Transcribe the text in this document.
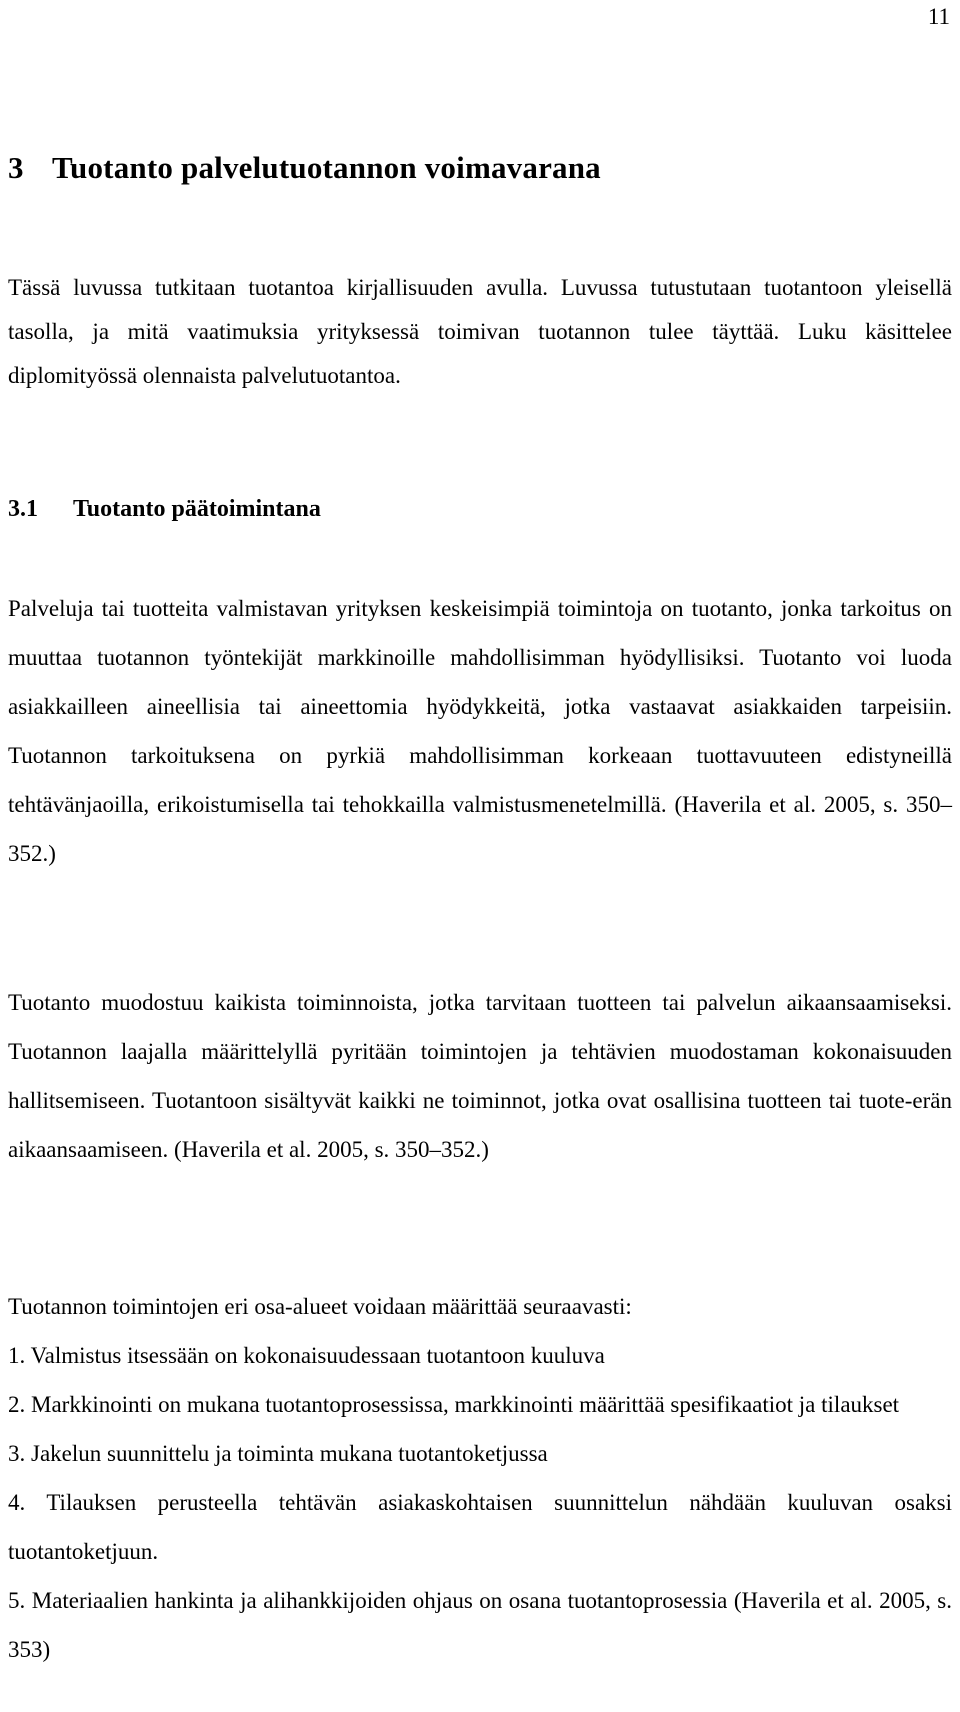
11
3 Tuotanto palvelutuotannon voimavarana

Tässä luvussa tutkitaan tuotantoa kirjallisuuden avulla. Luvussa tutustutaan tuotantoon yleisellä tasolla, ja mitä vaatimuksia yrityksessä toimivan tuotannon tulee täyttää. Luku käsittelee diplomityössä olennaista palvelutuotantoa.

3.1 Tuotanto päätoimintana

Palveluja tai tuotteita valmistavan yrityksen keskeisimpiä toimintoja on tuotanto, jonka tarkoitus on muuttaa tuotannon työntekijät markkinoille mahdollisimman hyödyllisiksi. Tuotanto voi luoda asiakkailleen aineellisia tai aineettomia hyödykkeitä, jotka vastaavat asiakkaiden tarpeisiin. Tuotannon tarkoituksena on pyrkiä mahdollisimman korkeaan tuottavuuteen edistyneillä tehtävänjaoilla, erikoistumisella tai tehokkailla valmistusmenetelmillä. (Haverila et al. 2005, s. 350–352.)

Tuotanto muodostuu kaikista toiminnoista, jotka tarvitaan tuotteen tai palvelun aikaansaamiseksi. Tuotannon laajalla määrittelyllä pyritään toimintojen ja tehtävien muodostaman kokonaisuuden hallitsemiseen. Tuotantoon sisältyvät kaikki ne toiminnot, jotka ovat osallisina tuotteen tai tuote-erän aikaansaamiseen. (Haverila et al. 2005, s. 350–352.)

Tuotannon toimintojen eri osa-alueet voidaan määrittää seuraavasti:

1. Valmistus itsessään on kokonaisuudessaan tuotantoon kuuluva
2. Markkinointi on mukana tuotantoprosessissa, markkinointi määrittää spesifikaatiot ja tilaukset
3. Jakelun suunnittelu ja toiminta mukana tuotantoketjussa
4. Tilauksen perusteella tehtävän asiakaskohtaisen suunnittelun nähdään kuuluvan osaksi tuotantoketjuun.
5. Materiaalien hankinta ja alihankkijoiden ohjaus on osana tuotantoprosessia (Haverila et al. 2005, s. 353)
